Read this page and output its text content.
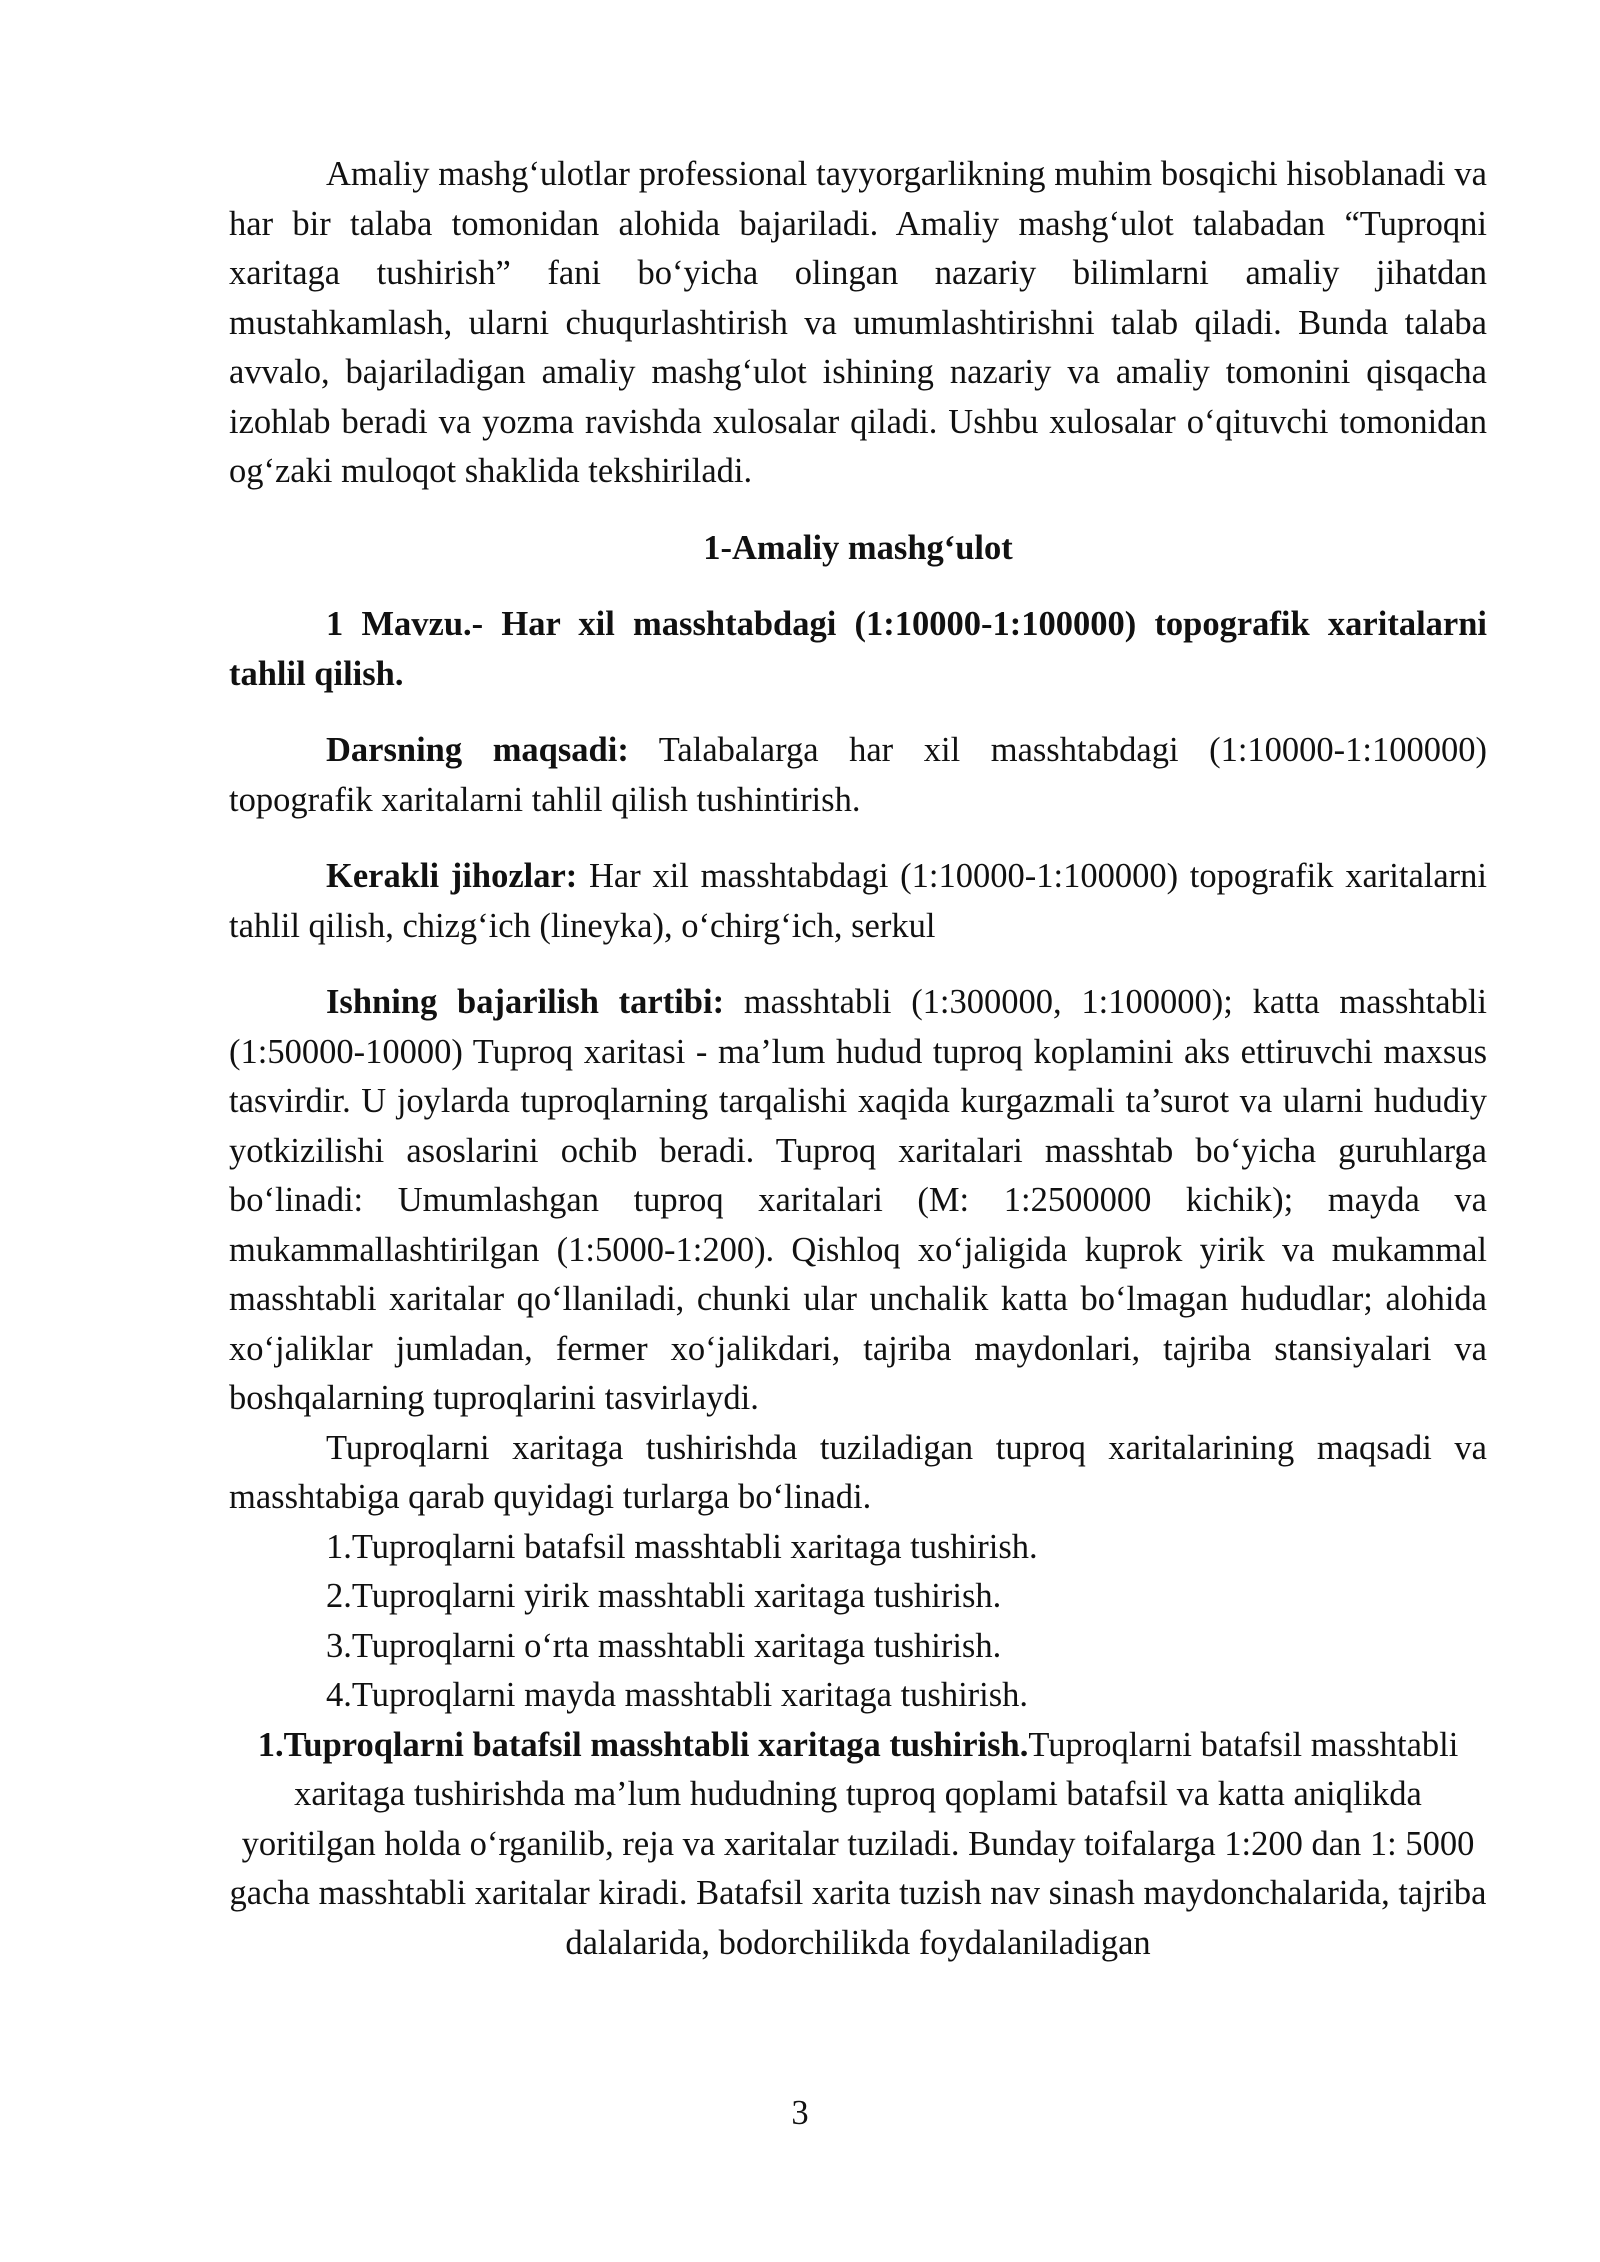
Amaliy mashg‘ulotlar professional tayyorgarlikning muhim bosqichi hisoblanadi va har bir talaba tomonidan alohida bajariladi. Amaliy mashg‘ulot talabadan “Tuproqni xaritaga tushirish” fani bo‘yicha olingan nazariy bilimlarni amaliy jihatdan mustahkamlash, ularni chuqurlashtirish va umumlashtirishni talab qiladi. Bunda talaba avvalo, bajariladigan amaliy mashg‘ulot ishining nazariy va amaliy tomonini qisqacha izohlab beradi va yozma ravishda xulosalar qiladi. Ushbu xulosalar o‘qituvchi tomonidan og‘zaki muloqot shaklida tekshiriladi.

1-Amaliy mashg‘ulot

1 Mavzu.- Har xil masshtabdagi (1:10000-1:100000) topografik xaritalarni tahlil qilish.

Darsning maqsadi: Talabalarga har xil masshtabdagi (1:10000-1:100000) topografik xaritalarni tahlil qilish tushintirish.

Kerakli jihozlar: Har xil masshtabdagi (1:10000-1:100000) topografik xaritalarni tahlil qilish, chizg‘ich (lineyka), o‘chirg‘ich, serkul

Ishning bajarilish tartibi: masshtabli (1:300000, 1:100000); katta masshtabli (1:50000-10000) Tuproq xaritasi - ma’lum hudud tuproq koplamini aks ettiruvchi maxsus tasvirdir. U joylarda tuproqlarning tarqalishi xaqida kurgazmali ta’surot va ularni hududiy yotkizilishi asoslarini ochib beradi. Tuproq xaritalari masshtab bo‘yicha guruhlarga bo‘linadi: Umumlashgan tuproq xaritalari (M: 1:2500000 kichik); mayda va mukammallashtirilgan (1:5000-1:200). Qishloq xo‘jaligida kuprok yirik va mukammal masshtabli xaritalar qo‘llaniladi, chunki ular unchalik katta bo‘lmagan hududlar; alohida xo‘jaliklar jumladan, fermer xo‘jalikdari, tajriba maydonlari, tajriba stansiyalari va boshqalarning tuproqlarini tasvirlaydi.

Tuproqlarni xaritaga tushirishda tuziladigan tuproq xaritalarining maqsadi va masshtabiga qarab quyidagi turlarga bo‘linadi.

1.Tuproqlarni batafsil masshtabli xaritaga tushirish.

2.Tuproqlarni yirik masshtabli xaritaga tushirish.

3.Tuproqlarni o‘rta masshtabli xaritaga tushirish.

4.Tuproqlarni mayda masshtabli xaritaga tushirish.

1.Tuproqlarni batafsil masshtabli xaritaga tushirish.Tuproqlarni batafsil masshtabli xaritaga tushirishda ma’lum hududning tuproq qoplami batafsil va katta aniqlikda yoritilgan holda o‘rganilib, reja va xaritalar tuziladi. Bunday toifalarga 1:200 dan 1: 5000 gacha masshtabli xaritalar kiradi. Batafsil xarita tuzish nav sinash maydonchalarida, tajriba dalalarida, bodorchilikda foydalaniladigan

3
